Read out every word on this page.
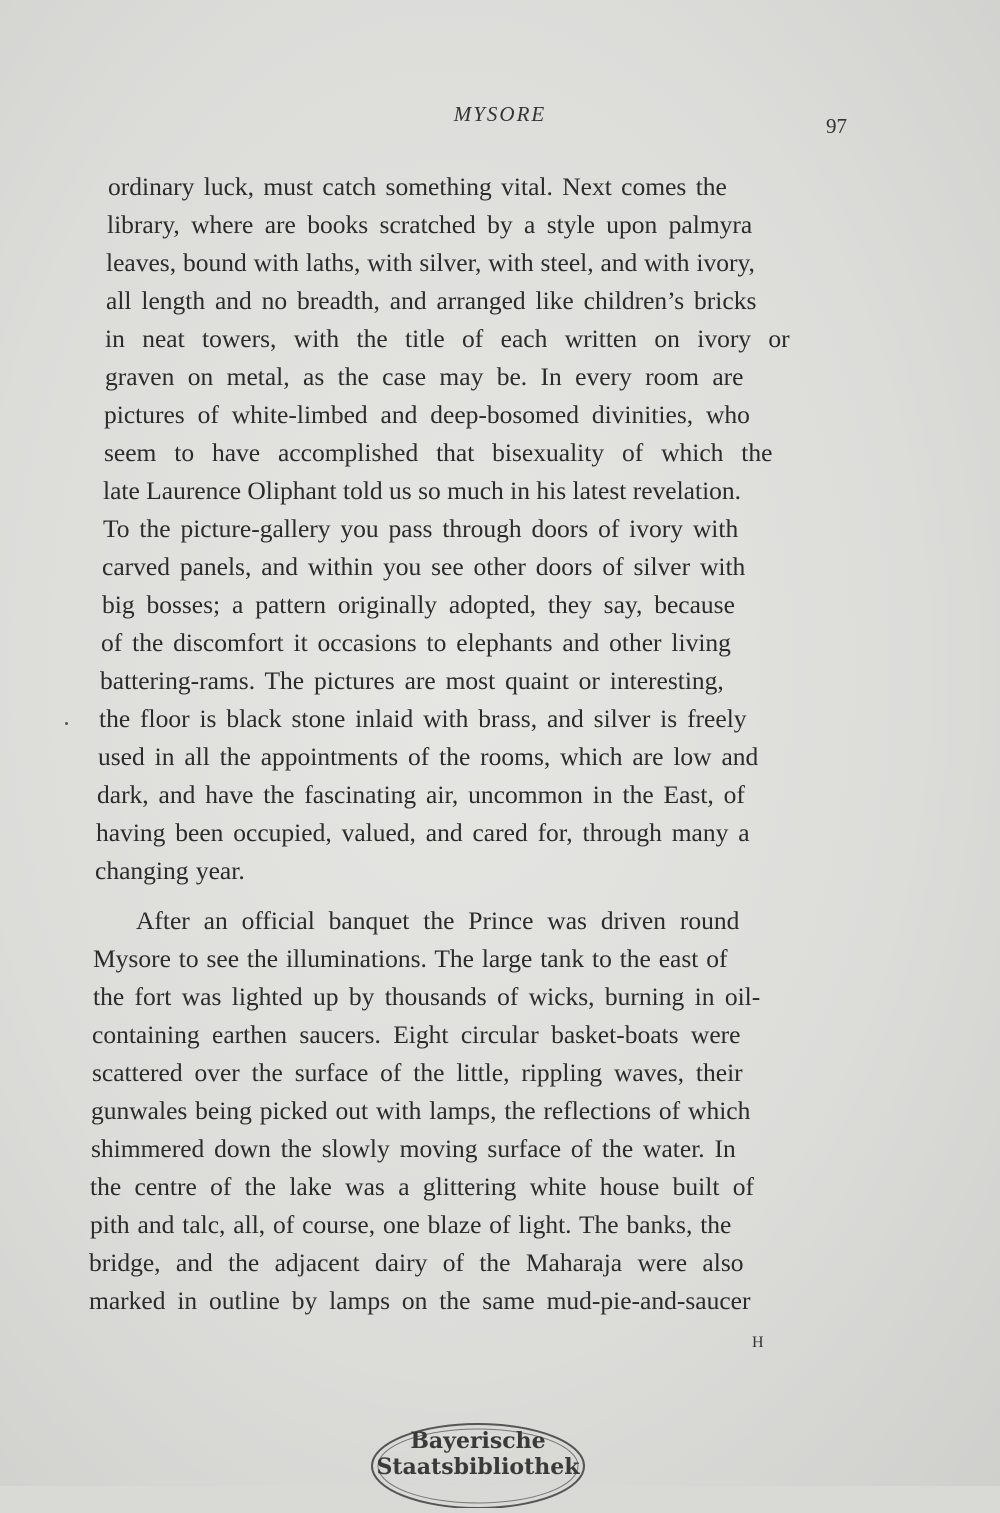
MYSORE	97
ordinary luck, must catch something vital. Next comes the
library, where are books scratched by a style upon palmyra
leaves, bound with laths, with silver, with steel, and with ivory,
all length and no breadth, and arranged like children’s bricks
in neat towers, with the title of each written on ivory or
graven on metal, as the case may be. In every room are
pictures of white-limbed and deep-bosomed divinities, who
seem to have accomplished that bisexuality of which the
late Laurence Oliphant told us so much in his latest revelation.
To the picture-gallery you pass through doors of ivory with
carved panels, and within you see other doors of silver with
big bosses; a pattern originally adopted, they say, because
of the discomfort it occasions to elephants and other living
battering-rams. The pictures are most quaint or interesting,
the floor is black stone inlaid with brass, and silver is freely
used in all the appointments of the rooms, which are low and
dark, and have the fascinating air, uncommon in the East, of
having been occupied, valued, and cared for, through many a
changing year.
After an official banquet the Prince was driven round
Mysore to see the illuminations. The large tank to the east of
the fort was lighted up by thousands of wicks, burning in oil-
containing earthen saucers. Eight circular basket-boats were
scattered over the surface of the little, rippling waves, their
gunwales being picked out with lamps, the reflections of which
shimmered down the slowly moving surface of the water. In
the centre of the lake was a glittering white house built of
pith and talc, all, of course, one blaze of light. The banks, the
bridge, and the adjacent dairy of the Maharaja were also
marked in outline by lamps on the same mud-pie-and-saucer
H
Bayerische Staatsbibliothek
